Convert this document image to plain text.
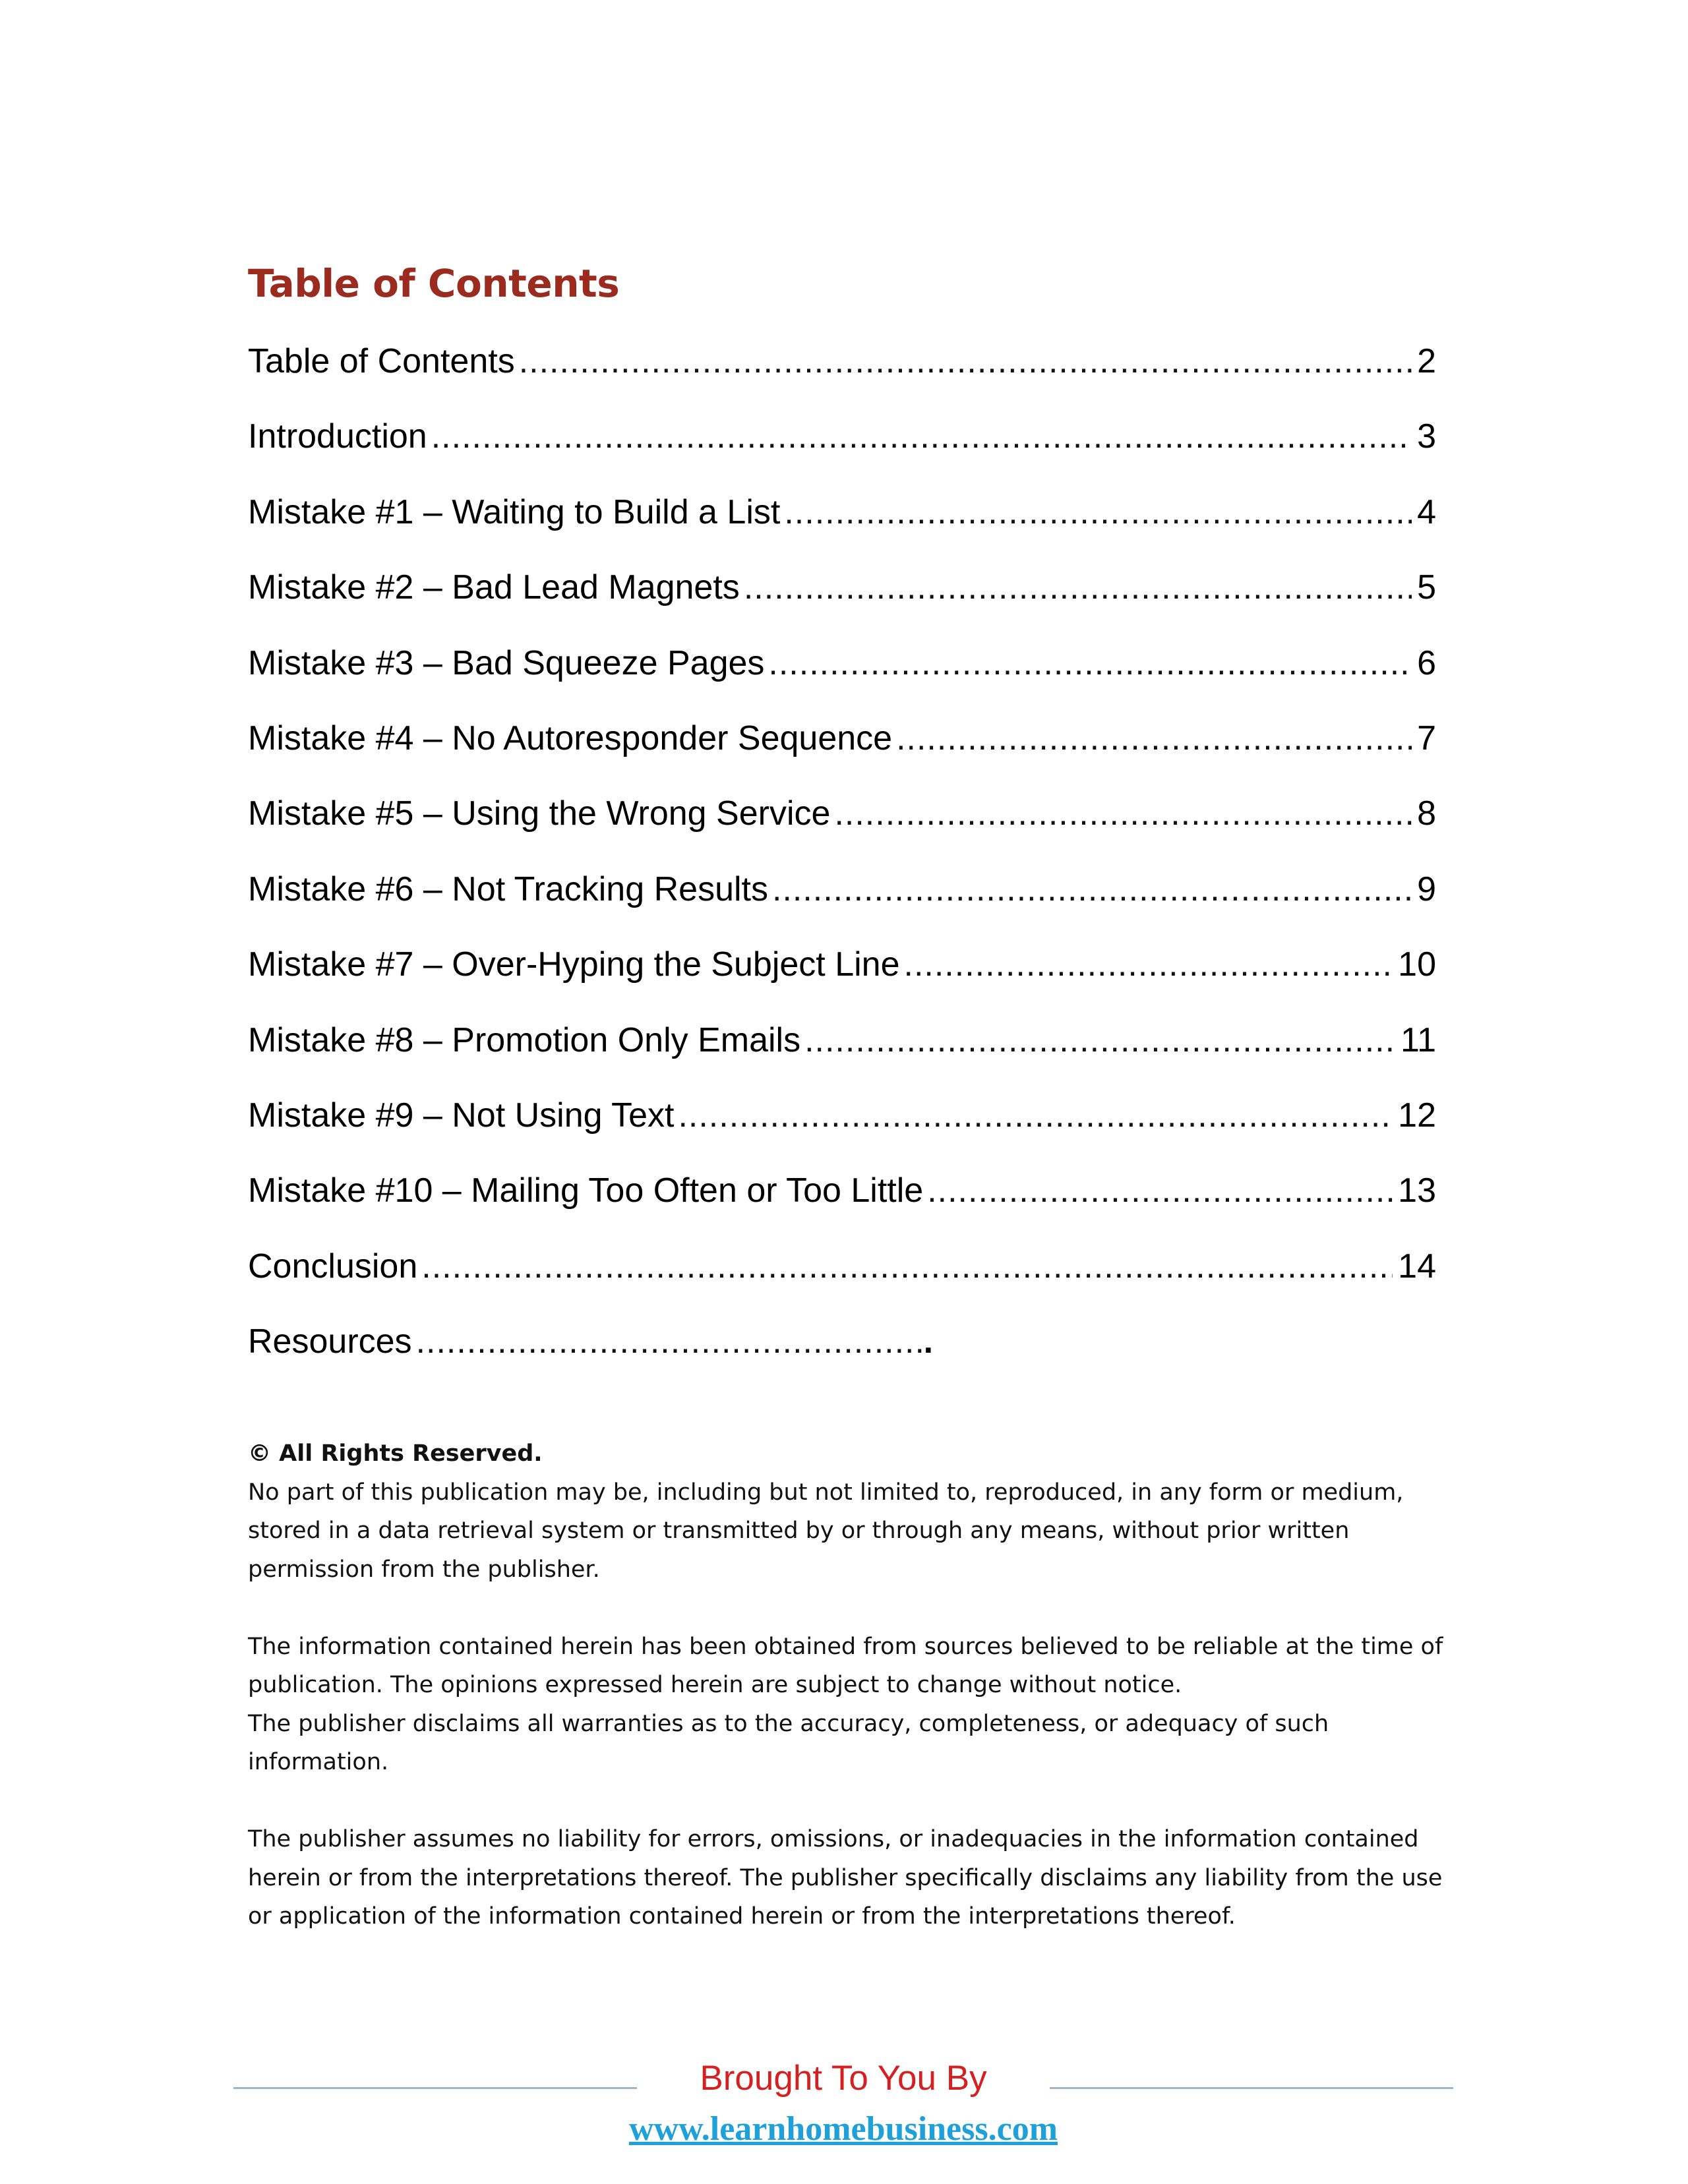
Table of Contents
Table of Contents .....	2
Introduction .....	3
Mistake #1 – Waiting to Build a List .....	4
Mistake #2 – Bad Lead Magnets .....	5
Mistake #3 – Bad Squeeze Pages .....	6
Mistake #4 – No Autoresponder Sequence .....	7
Mistake #5 – Using the Wrong Service .....	8
Mistake #6 – Not Tracking Results .....	9
Mistake #7 – Over-Hyping the Subject Line .....	10
Mistake #8 – Promotion Only Emails .....	11
Mistake #9 – Not Using Text .....	12
Mistake #10 – Mailing Too Often or Too Little .....	13
Conclusion .....	14
Resources .....	.

© All Rights Reserved.
No part of this publication may be, including but not limited to, reproduced, in any form or medium, stored in a data retrieval system or transmitted by or through any means, without prior written permission from the publisher.

The information contained herein has been obtained from sources believed to be reliable at the time of publication. The opinions expressed herein are subject to change without notice.
The publisher disclaims all warranties as to the accuracy, completeness, or adequacy of such information.

The publisher assumes no liability for errors, omissions, or inadequacies in the information contained herein or from the interpretations thereof. The publisher specifically disclaims any liability from the use or application of the information contained herein or from the interpretations thereof.

Brought To You By
www.learnhomebusiness.com
